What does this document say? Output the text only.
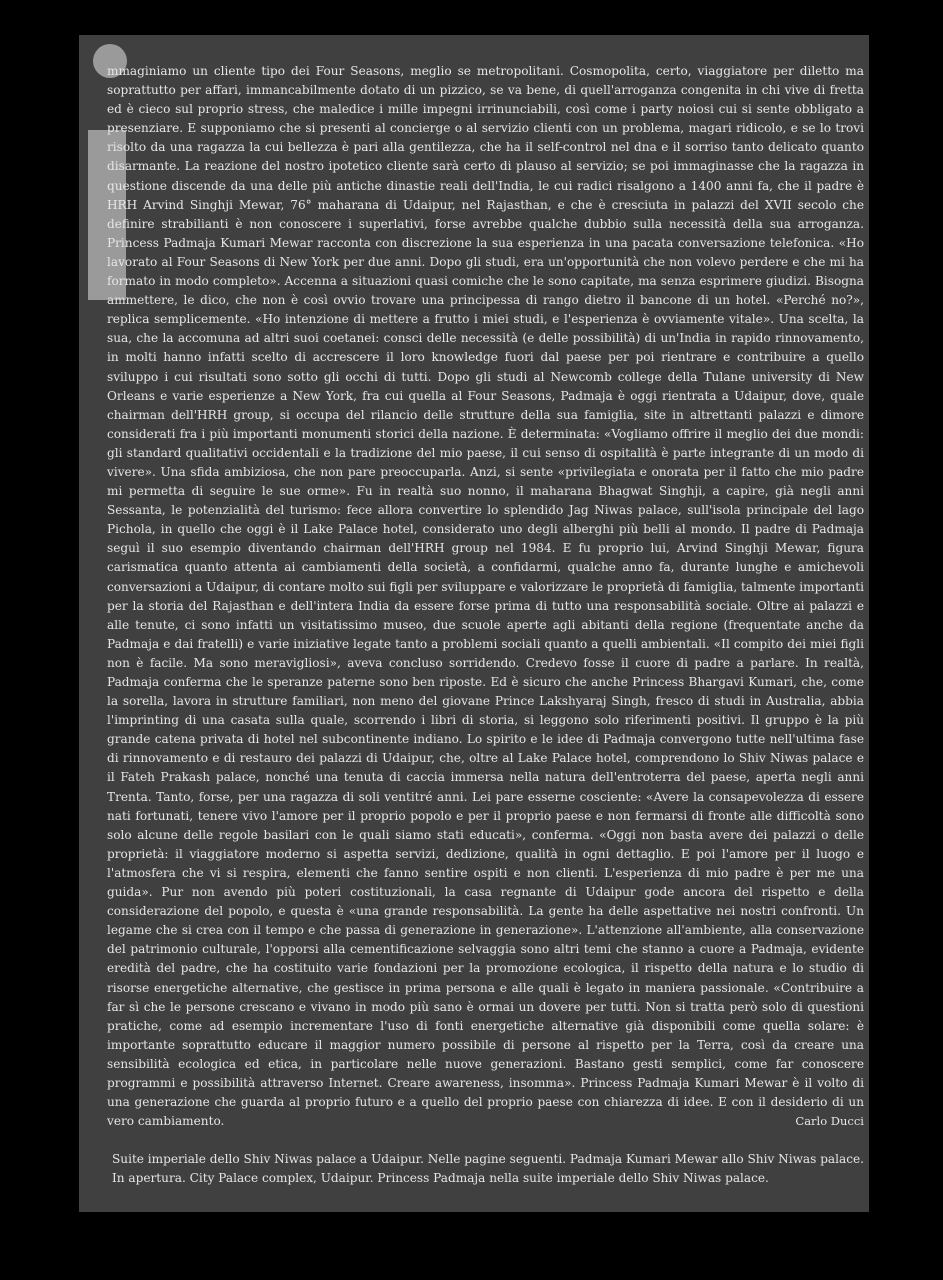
mmaginiamo un cliente tipo dei Four Seasons, meglio se metropolitani. Cosmopolita, certo, viaggiatore per diletto ma soprattutto per affari, immancabilmente dotato di un pizzico, se va bene, di quell'arroganza congenita in chi vive di fretta ed è cieco sul proprio stress, che maledice i mille impegni irrinunciabili, così come i party noiosi cui si sente obbligato a presenziare. E supponiamo che si presenti al concierge o al servizio clienti con un problema, magari ridicolo, e se lo trovi risolto da una ragazza la cui bellezza è pari alla gentilezza, che ha il self-control nel dna e il sorriso tanto delicato quanto disarmante. La reazione del nostro ipotetico cliente sarà certo di plauso al servizio; se poi immaginasse che la ragazza in questione discende da una delle più antiche dinastie reali dell'India, le cui radici risalgono a 1400 anni fa, che il padre è HRH Arvind Singhji Mewar, 76° maharana di Udaipur, nel Rajasthan, e che è cresciuta in palazzi del XVII secolo che definire strabilianti è non conoscere i superlativi, forse avrebbe qualche dubbio sulla necessità della sua arroganza. Princess Padmaja Kumari Mewar racconta con discrezione la sua esperienza in una pacata conversazione telefonica. «Ho lavorato al Four Seasons di New York per due anni. Dopo gli studi, era un'opportunità che non volevo perdere e che mi ha formato in modo completo». Accenna a situazioni quasi comiche che le sono capitate, ma senza esprimere giudizi. Bisogna ammettere, le dico, che non è così ovvio trovare una principessa di rango dietro il bancone di un hotel. «Perché no?», replica semplicemente. «Ho intenzione di mettere a frutto i miei studi, e l'esperienza è ovviamente vitale». Una scelta, la sua, che la accomuna ad altri suoi coetanei: consci delle necessità (e delle possibilità) di un'India in rapido rinnovamento, in molti hanno infatti scelto di accrescere il loro knowledge fuori dal paese per poi rientrare e contribuire a quello sviluppo i cui risultati sono sotto gli occhi di tutti. Dopo gli studi al Newcomb college della Tulane university di New Orleans e varie esperienze a New York, fra cui quella al Four Seasons, Padmaja è oggi rientrata a Udaipur, dove, quale chairman dell'HRH group, si occupa del rilancio delle strutture della sua famiglia, site in altrettanti palazzi e dimore considerati fra i più importanti monumenti storici della nazione. È determinata: «Vogliamo offrire il meglio dei due mondi: gli standard qualitativi occidentali e la tradizione del mio paese, il cui senso di ospitalità è parte integrante di un modo di vivere». Una sfida ambiziosa, che non pare preoccuparla. Anzi, si sente «privilegiata e onorata per il fatto che mio padre mi permetta di seguire le sue orme». Fu in realtà suo nonno, il maharana Bhagwat Singhji, a capire, già negli anni Sessanta, le potenzialità del turismo: fece allora convertire lo splendido Jag Niwas palace, sull'isola principale del lago Pichola, in quello che oggi è il Lake Palace hotel, considerato uno degli alberghi più belli al mondo. Il padre di Padmaja seguì il suo esempio diventando chairman dell'HRH group nel 1984. E fu proprio lui, Arvind Singhji Mewar, figura carismatica quanto attenta ai cambiamenti della società, a confidarmi, qualche anno fa, durante lunghe e amichevoli conversazioni a Udaipur, di contare molto sui figli per sviluppare e valorizzare le proprietà di famiglia, talmente importanti per la storia del Rajasthan e dell'intera India da essere forse prima di tutto una responsabilità sociale. Oltre ai palazzi e alle tenute, ci sono infatti un visitatissimo museo, due scuole aperte agli abitanti della regione (frequentate anche da Padmaja e dai fratelli) e varie iniziative legate tanto a problemi sociali quanto a quelli ambientali. «Il compito dei miei figli non è facile. Ma sono meravigliosi», aveva concluso sorridendo. Credevo fosse il cuore di padre a parlare. In realtà, Padmaja conferma che le speranze paterne sono ben riposte. Ed è sicuro che anche Princess Bhargavi Kumari, che, come la sorella, lavora in strutture familiari, non meno del giovane Prince Lakshyaraj Singh, fresco di studi in Australia, abbia l'imprinting di una casata sulla quale, scorrendo i libri di storia, si leggono solo riferimenti positivi. Il gruppo è la più grande catena privata di hotel nel subcontinente indiano. Lo spirito e le idee di Padmaja convergono tutte nell'ultima fase di rinnovamento e di restauro dei palazzi di Udaipur, che, oltre al Lake Palace hotel, comprendono lo Shiv Niwas palace e il Fateh Prakash palace, nonché una tenuta di caccia immersa nella natura dell'entroterra del paese, aperta negli anni Trenta. Tanto, forse, per una ragazza di soli ventitré anni. Lei pare esserne cosciente: «Avere la consapevolezza di essere nati fortunati, tenere vivo l'amore per il proprio popolo e per il proprio paese e non fermarsi di fronte alle difficoltà sono solo alcune delle regole basilari con le quali siamo stati educati», conferma. «Oggi non basta avere dei palazzi o delle proprietà: il viaggiatore moderno si aspetta servizi, dedizione, qualità in ogni dettaglio. E poi l'amore per il luogo e l'atmosfera che vi si respira, elementi che fanno sentire ospiti e non clienti. L'esperienza di mio padre è per me una guida». Pur non avendo più poteri costituzionali, la casa regnante di Udaipur gode ancora del rispetto e della considerazione del popolo, e questa è «una grande responsabilità. La gente ha delle aspettative nei nostri confronti. Un legame che si crea con il tempo e che passa di generazione in generazione». L'attenzione all'ambiente, alla conservazione del patrimonio culturale, l'opporsi alla cementificazione selvaggia sono altri temi che stanno a cuore a Padmaja, evidente eredità del padre, che ha costituito varie fondazioni per la promozione ecologica, il rispetto della natura e lo studio di risorse energetiche alternative, che gestisce in prima persona e alle quali è legato in maniera passionale. «Contribuire a far sì che le persone crescano e vivano in modo più sano è ormai un dovere per tutti. Non si tratta però solo di questioni pratiche, come ad esempio incrementare l'uso di fonti energetiche alternative già disponibili come quella solare: è importante soprattutto educare il maggior numero possibile di persone al rispetto per la Terra, così da creare una sensibilità ecologica ed etica, in particolare nelle nuove generazioni. Bastano gesti semplici, come far conoscere programmi e possibilità attraverso Internet. Creare awareness, insomma». Princess Padmaja Kumari Mewar è il volto di una generazione che guarda al proprio futuro e a quello del proprio paese con chiarezza di idee. E con il desiderio di un vero cambiamento.	Carlo Ducci

Suite imperiale dello Shiv Niwas palace a Udaipur. Nelle pagine seguenti. Padmaja Kumari Mewar allo Shiv Niwas palace. In apertura. City Palace complex, Udaipur. Princess Padmaja nella suite imperiale dello Shiv Niwas palace.
